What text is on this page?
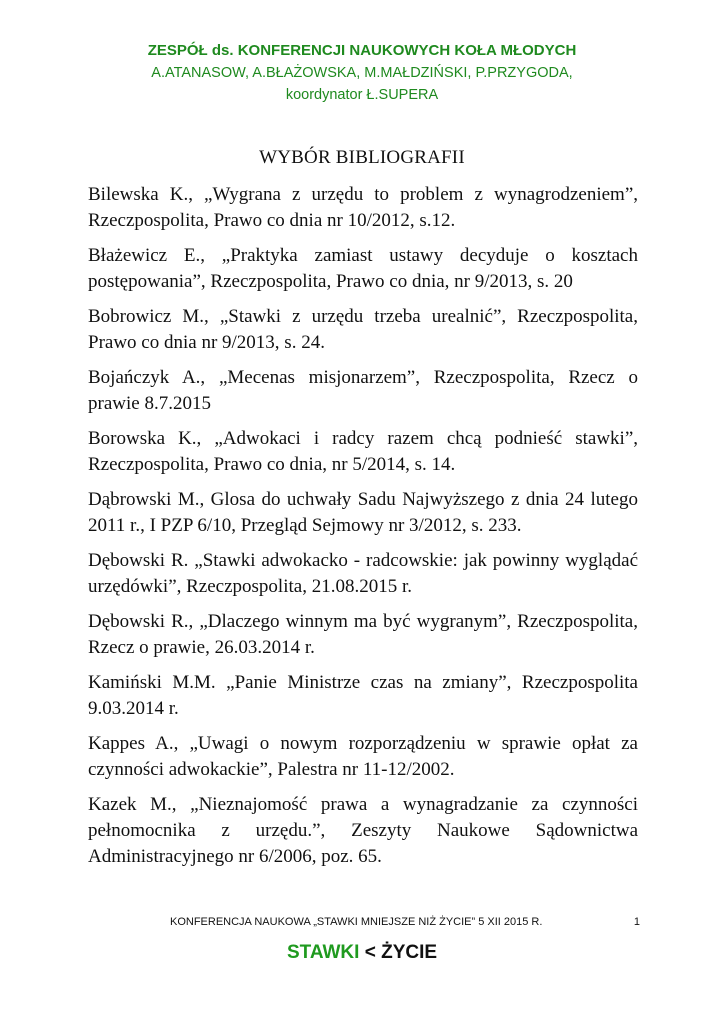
ZESPÓŁ ds. KONFERENCJI NAUKOWYCH KOŁA MŁODYCH
A.ATANASOW, A.BŁAŻOWSKA, M.MAŁDZIŃSKI, P.PRZYGODA,
koordynator Ł.SUPERA
WYBÓR BIBLIOGRAFII

Bilewska K., „Wygrana z urzędu to problem z wynagrodzeniem”, Rzeczpospolita, Prawo co dnia nr 10/2012, s.12.

Błażewicz E., „Praktyka zamiast ustawy decyduje o kosztach postępowania”, Rzeczpospolita, Prawo co dnia, nr 9/2013, s. 20

Bobrowicz M., „Stawki z urzędu trzeba urealnić”, Rzeczpospolita, Prawo co dnia nr 9/2013, s. 24.

Bojańczyk A., „Mecenas misjonarzem”, Rzeczpospolita, Rzecz o prawie 8.7.2015

Borowska K., „Adwokaci i radcy razem chcą podnieść stawki”, Rzeczpospolita, Prawo co dnia, nr 5/2014, s. 14.

Dąbrowski M., Glosa do uchwały Sadu Najwyższego z dnia 24 lutego 2011 r., I PZP 6/10, Przegląd Sejmowy nr 3/2012, s. 233.

Dębowski R. „Stawki adwokacko - radcowskie: jak powinny wyglądać urzędówki”, Rzeczpospolita, 21.08.2015 r.

Dębowski R., „Dlaczego winnym ma być wygranym”, Rzeczpospolita, Rzecz o prawie, 26.03.2014 r.

Kamiński M.M. „Panie Ministrze czas na zmiany”, Rzeczpospolita 9.03.2014 r.

Kappes A., „Uwagi o nowym rozporządzeniu w sprawie opłat za czynności adwokackie”, Palestra nr 11-12/2002.

Kazek M., „Nieznajomość prawa a wynagradzanie za czynności pełnomocnika z urzędu.”, Zeszyty Naukowe Sądownictwa Administracyjnego nr 6/2006, poz. 65.

KONFERENCJA NAUKOWA „STAWKI MNIEJSZE NIŻ ŻYCIE” 5 XII 2015 R.	1
STAWKI < ŻYCIE
